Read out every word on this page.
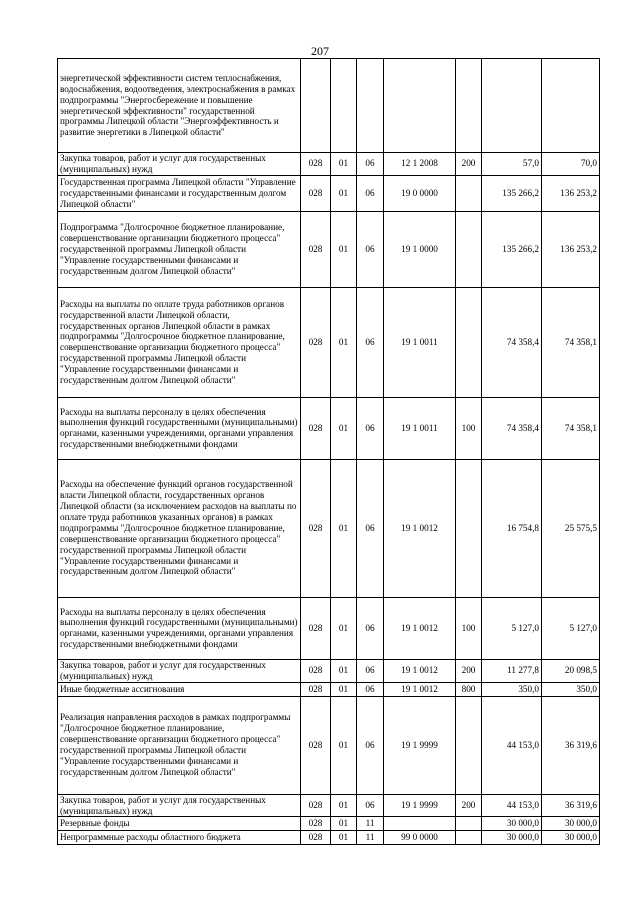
207
энергетической эффективности систем теплоснабжения, водоснабжения, водоотведения, электроснабжения в рамках подпрограммы "Энергосбережение и повышение энергетической эффективности" государственной программы Липецкой области "Энергоэффективность и развитие энергетики в Липецкой области"							
Закупка товаров, работ и услуг для государственных (муниципальных) нужд	028	01	06	12 1 2008	200	57,0	70,0
Государственная программа Липецкой области "Управление государственными финансами и государственным долгом Липецкой области"	028	01	06	19 0 0000		135 266,2	136 253,2
Подпрограмма "Долгосрочное бюджетное планирование, совершенствование организации бюджетного процесса" государственной программы Липецкой области "Управление государственными финансами и государственным долгом Липецкой области"	028	01	06	19 1 0000		135 266,2	136 253,2
Расходы на выплаты по оплате труда работников органов государственной власти Липецкой области, государственных органов Липецкой области в рамках подпрограммы "Долгосрочное бюджетное планирование, совершенствование организации бюджетного процесса" государственной программы Липецкой области "Управление государственными финансами и государственным долгом Липецкой области"	028	01	06	19 1 0011		74 358,4	74 358,1
Расходы на выплаты персоналу в целях обеспечения выполнения функций государственными (муниципальными) органами, казенными учреждениями, органами управления государственными внебюджетными фондами	028	01	06	19 1 0011	100	74 358,4	74 358,1
Расходы на обеспечение функций органов государственной власти Липецкой области, государственных органов Липецкой области (за исключением расходов на выплаты по оплате труда работников указанных органов) в рамках подпрограммы "Долгосрочное бюджетное планирование, совершенствование организации бюджетного процесса" государственной программы Липецкой области "Управление государственными финансами и государственным долгом Липецкой области"	028	01	06	19 1 0012		16 754,8	25 575,5
Расходы на выплаты персоналу в целях обеспечения выполнения функций государственными (муниципальными) органами, казенными учреждениями, органами управления государственными внебюджетными фондами	028	01	06	19 1 0012	100	5 127,0	5 127,0
Закупка товаров, работ и услуг для государственных (муниципальных) нужд	028	01	06	19 1 0012	200	11 277,8	20 098,5
Иные бюджетные ассигнования	028	01	06	19 1 0012	800	350,0	350,0
Реализация направления расходов в рамках подпрограммы "Долгосрочное бюджетное планирование, совершенствование организации бюджетного процесса" государственной программы Липецкой области "Управление государственными финансами и государственным долгом Липецкой области"	028	01	06	19 1 9999		44 153,0	36 319,6
Закупка товаров, работ и услуг для государственных (муниципальных) нужд	028	01	06	19 1 9999	200	44 153,0	36 319,6
Резервные фонды	028	01	11			30 000,0	30 000,0
Непрограммные расходы областного бюджета	028	01	11	99 0 0000		30 000,0	30 000,0
